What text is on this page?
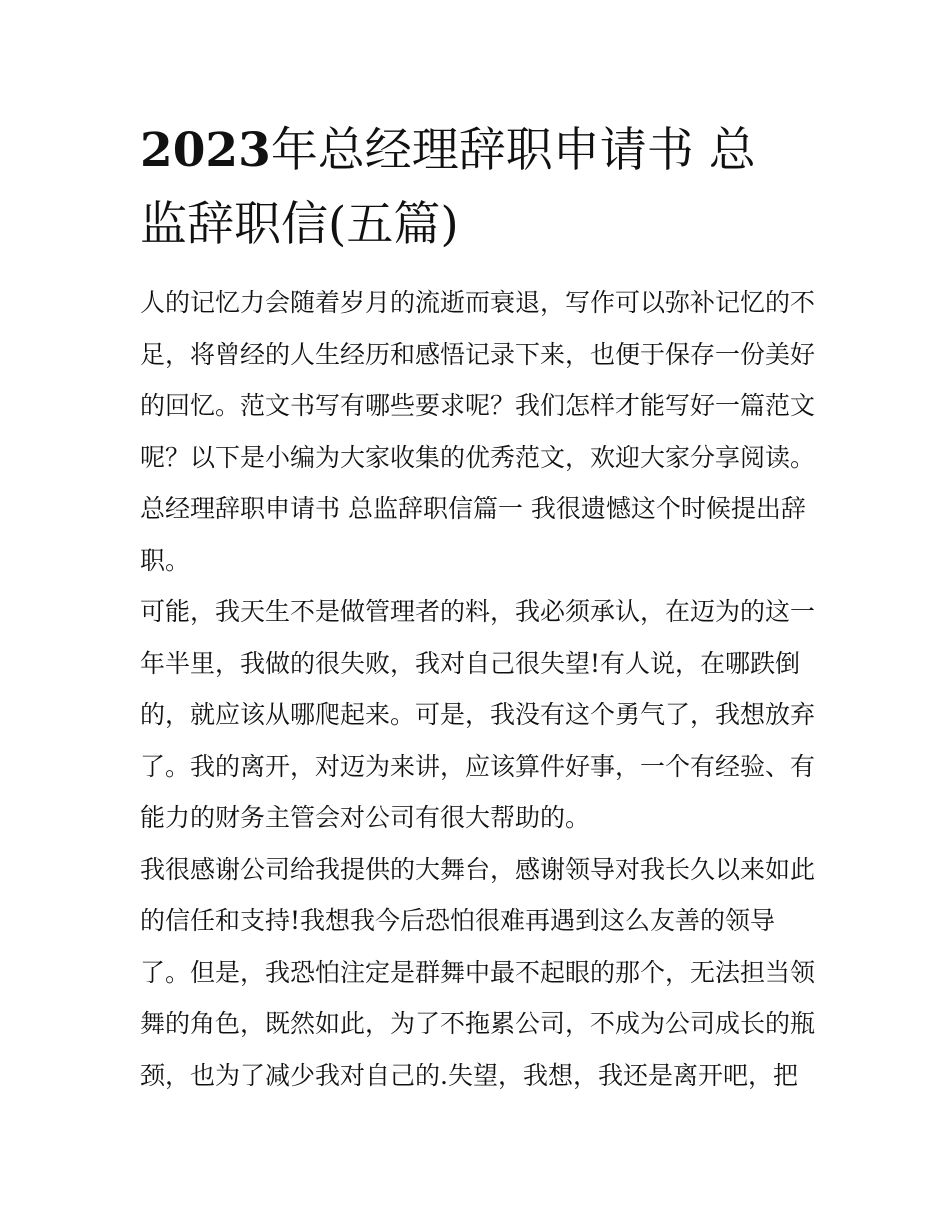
2023年总经理辞职申请书 总
监辞职信(五篇)

人的记忆力会随着岁月的流逝而衰退，写作可以弥补记忆的不
足，将曾经的人生经历和感悟记录下来，也便于保存一份美好
的回忆。范文书写有哪些要求呢？我们怎样才能写好一篇范文
呢？以下是小编为大家收集的优秀范文，欢迎大家分享阅读。

总经理辞职申请书 总监辞职信篇一 我很遗憾这个时候提出辞
职。

可能，我天生不是做管理者的料，我必须承认，在迈为的这一
年半里，我做的很失败，我对自己很失望!有人说，在哪跌倒
的，就应该从哪爬起来。可是，我没有这个勇气了，我想放弃
了。我的离开，对迈为来讲，应该算件好事，一个有经验、有
能力的财务主管会对公司有很大帮助的。

我很感谢公司给我提供的大舞台，感谢领导对我长久以来如此
的信任和支持!我想我今后恐怕很难再遇到这么友善的领导
了。但是，我恐怕注定是群舞中最不起眼的那个，无法担当领
舞的角色，既然如此，为了不拖累公司，不成为公司成长的瓶
颈，也为了减少我对自己的.失望，我想，我还是离开吧，把
